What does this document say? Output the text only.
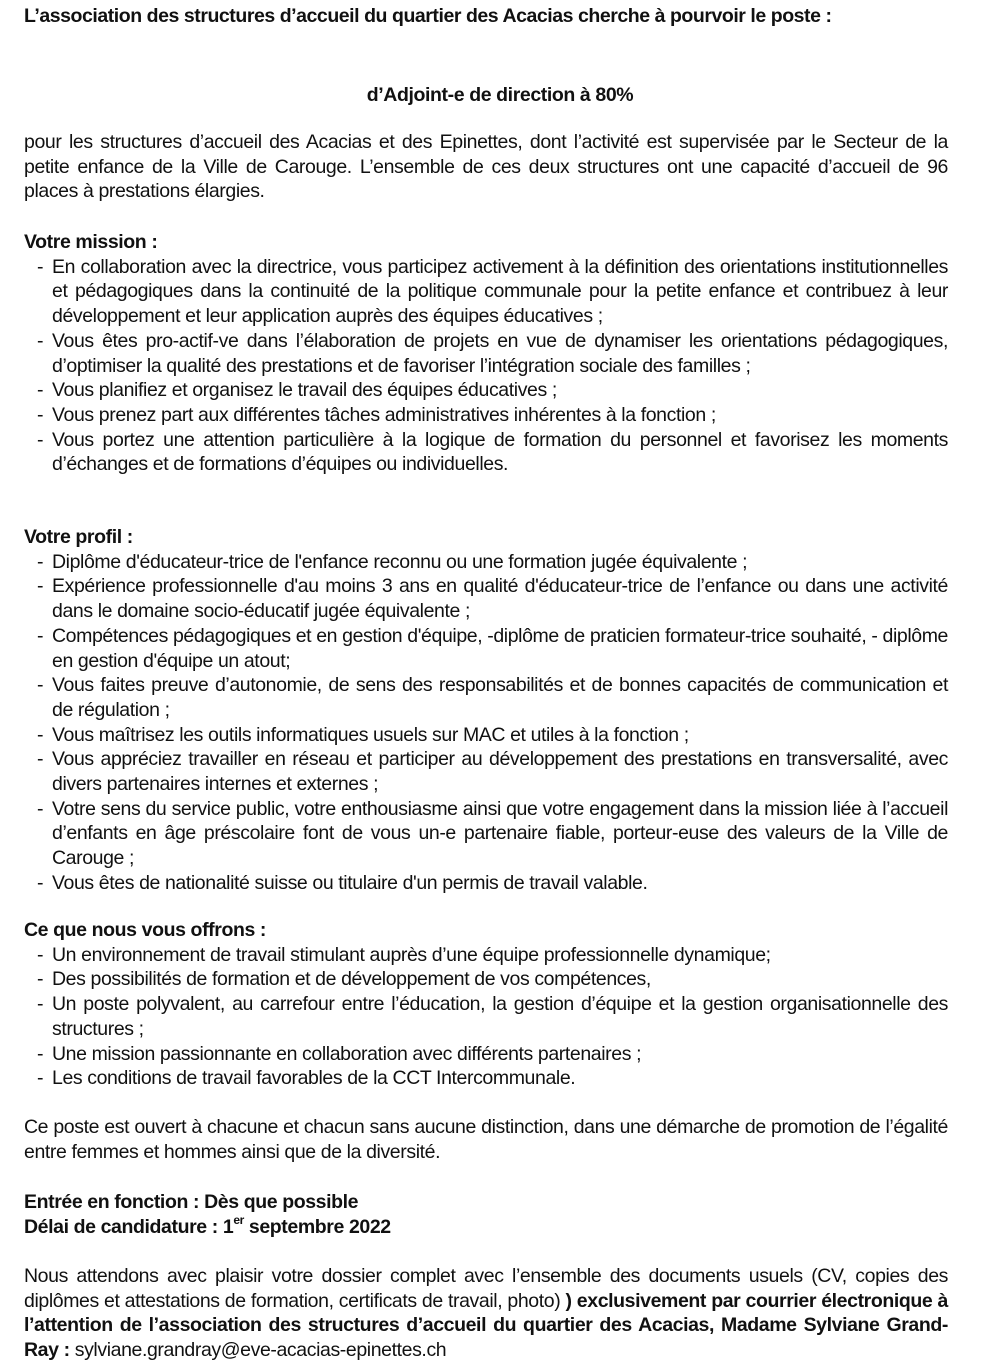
L’association des structures d’accueil du quartier des Acacias cherche à pourvoir le poste :

d’Adjoint-e de direction à 80%

pour les structures d’accueil des Acacias et des Epinettes, dont l’activité est supervisée par le Secteur de la petite enfance de la Ville de Carouge. L’ensemble de ces deux structures ont une capacité d’accueil de 96 places à prestations élargies.

Votre mission :

- En collaboration avec la directrice, vous participez activement à la définition des orientations institutionnelles et pédagogiques dans la continuité de la politique communale pour la petite enfance et contribuez à leur développement et leur application auprès des équipes éducatives ;
- Vous êtes pro-actif-ve dans l’élaboration de projets en vue de dynamiser les orientations pédagogiques, d’optimiser la qualité des prestations et de favoriser l’intégration sociale des familles ;
- Vous planifiez et organisez le travail des équipes éducatives ;
- Vous prenez part aux différentes tâches administratives inhérentes à la fonction ;
- Vous portez une attention particulière à la logique de formation du personnel et favorisez les moments d’échanges et de formations d’équipes ou individuelles.

Votre profil :

- Diplôme d'éducateur-trice de l'enfance reconnu ou une formation jugée équivalente ;
- Expérience professionnelle d'au moins 3 ans en qualité d'éducateur-trice de l’enfance ou dans une activité dans le domaine socio-éducatif jugée équivalente ;
- Compétences pédagogiques et en gestion d'équipe, -diplôme de praticien formateur-trice souhaité, - diplôme en gestion d'équipe un atout;
- Vous faites preuve d’autonomie, de sens des responsabilités et de bonnes capacités de communication et de régulation ;
- Vous maîtrisez les outils informatiques usuels sur MAC et utiles à la fonction ;
- Vous appréciez travailler en réseau et participer au développement des prestations en transversalité, avec divers partenaires internes et externes ;
- Votre sens du service public, votre enthousiasme ainsi que votre engagement dans la mission liée à l’accueil d’enfants en âge préscolaire font de vous un-e partenaire fiable, porteur-euse des valeurs de la Ville de Carouge ;
- Vous êtes de nationalité suisse ou titulaire d'un permis de travail valable.

Ce que nous vous offrons :

- Un environnement de travail stimulant auprès d’une équipe professionnelle dynamique;
- Des possibilités de formation et de développement de vos compétences,
- Un poste polyvalent, au carrefour entre l’éducation, la gestion d’équipe et la gestion organisationnelle des structures ;
- Une mission passionnante en collaboration avec différents partenaires ;
- Les conditions de travail favorables de la CCT Intercommunale.

Ce poste est ouvert à chacune et chacun sans aucune distinction, dans une démarche de promotion de l’égalité entre femmes et hommes ainsi que de la diversité.

Entrée en fonction : Dès que possible

Délai de candidature : 1er septembre 2022

Nous attendons avec plaisir votre dossier complet avec l’ensemble des documents usuels (CV, copies des diplômes et attestations de formation, certificats de travail, photo) ) exclusivement par courrier électronique à l’attention de l’association des structures d’accueil du quartier des Acacias, Madame Sylviane Grand-Ray : sylviane.grandray@eve-acacias-epinettes.ch
